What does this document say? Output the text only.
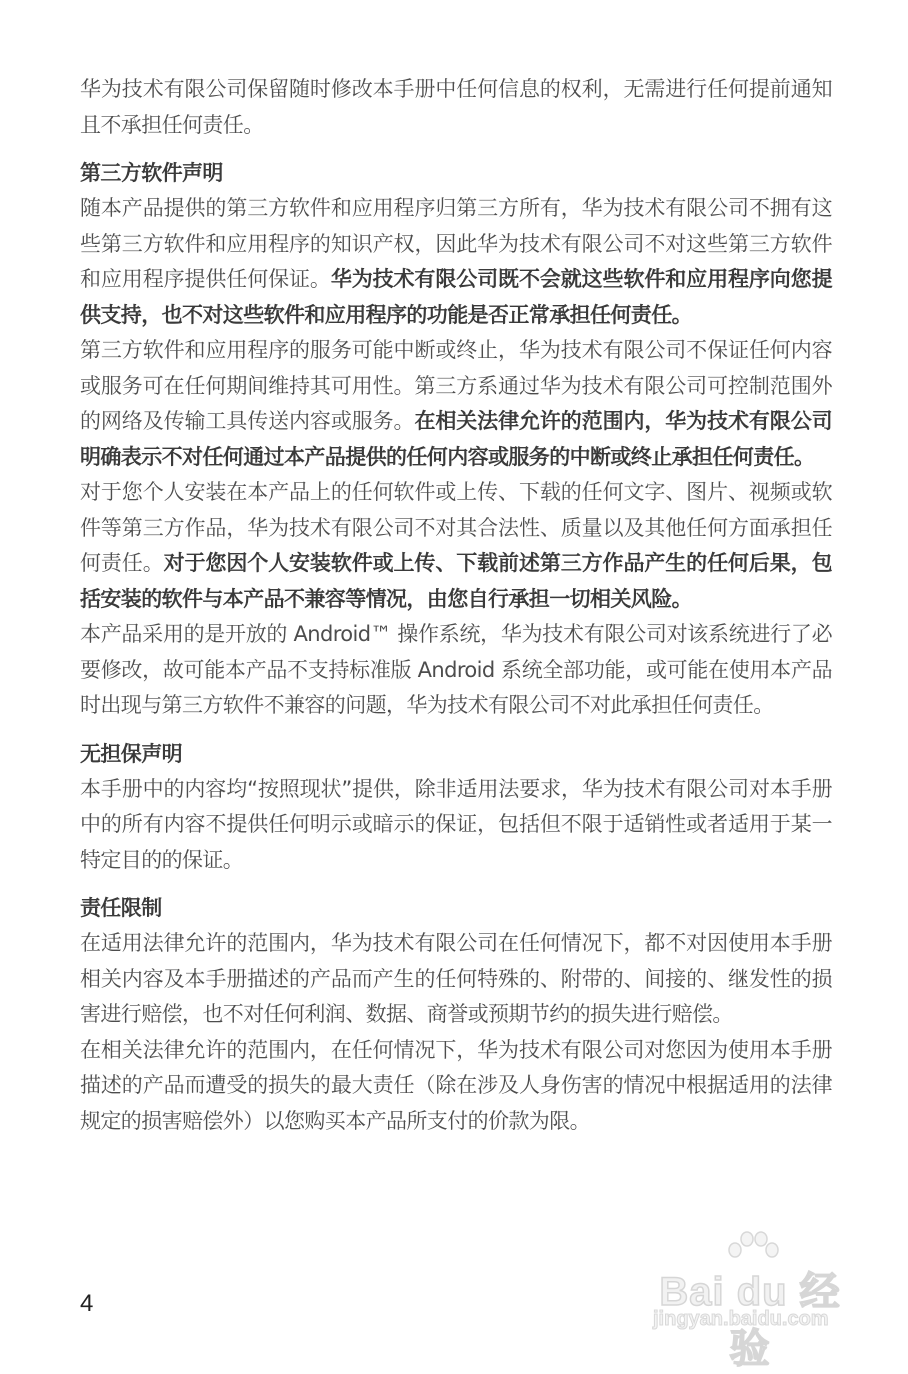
华为技术有限公司保留随时修改本手册中任何信息的权利，无需进行任何提前通知且不承担任何责任。

第三方软件声明

随本产品提供的第三方软件和应用程序归第三方所有，华为技术有限公司不拥有这些第三方软件和应用程序的知识产权，因此华为技术有限公司不对这些第三方软件和应用程序提供任何保证。华为技术有限公司既不会就这些软件和应用程序向您提供支持，也不对这些软件和应用程序的功能是否正常承担任何责任。

第三方软件和应用程序的服务可能中断或终止，华为技术有限公司不保证任何内容或服务可在任何期间维持其可用性。第三方系通过华为技术有限公司可控制范围外的网络及传输工具传送内容或服务。在相关法律允许的范围内，华为技术有限公司明确表示不对任何通过本产品提供的任何内容或服务的中断或终止承担任何责任。

对于您个人安装在本产品上的任何软件或上传、下载的任何文字、图片、视频或软件等第三方作品，华为技术有限公司不对其合法性、质量以及其他任何方面承担任何责任。对于您因个人安装软件或上传、下载前述第三方作品产生的任何后果，包括安装的软件与本产品不兼容等情况，由您自行承担一切相关风险。

本产品采用的是开放的 Android™ 操作系统，华为技术有限公司对该系统进行了必要修改，故可能本产品不支持标准版 Android 系统全部功能，或可能在使用本产品时出现与第三方软件不兼容的问题，华为技术有限公司不对此承担任何责任。

无担保声明

本手册中的内容均“按照现状”提供，除非适用法要求，华为技术有限公司对本手册中的所有内容不提供任何明示或暗示的保证，包括但不限于适销性或者适用于某一特定目的的保证。

责任限制

在适用法律允许的范围内，华为技术有限公司在任何情况下，都不对因使用本手册相关内容及本手册描述的产品而产生的任何特殊的、附带的、间接的、继发性的损害进行赔偿，也不对任何利润、数据、商誉或预期节约的损失进行赔偿。

在相关法律允许的范围内，在任何情况下，华为技术有限公司对您因为使用本手册描述的产品而遭受的损失的最大责任（除在涉及人身伤害的情况中根据适用的法律规定的损害赔偿外）以您购买本产品所支付的价款为限。

4	Bai du 经验
jingyan.baidu.com
